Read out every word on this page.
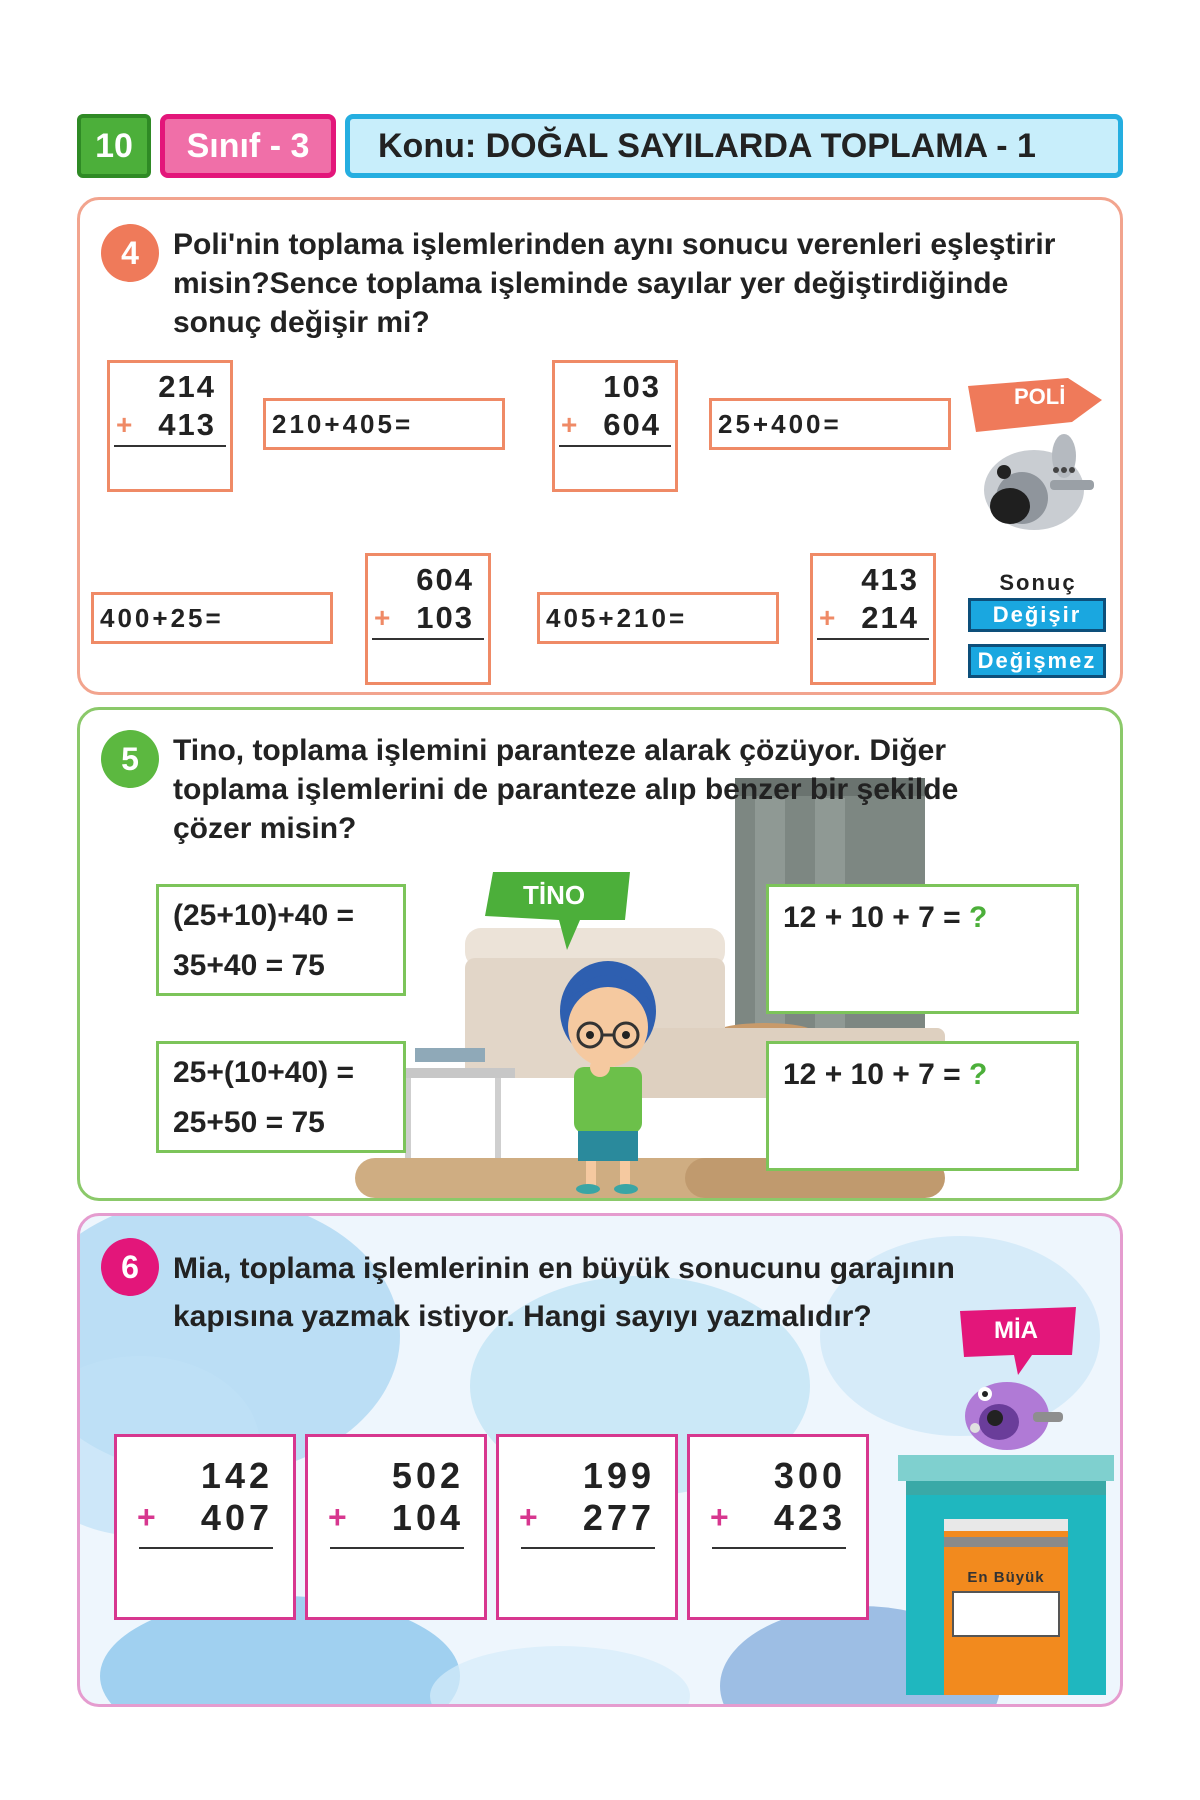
10	Sınıf - 3	Konu: DOĞAL SAYILARDA TOPLAMA - 1
4	Poli'nin toplama işlemlerinden aynı sonucu verenleri eşleştirir
misin?Sence toplama işleminde sayılar yer değiştirdiğinde
sonuç değişir mi?
214
+ 413	210+405=
103
+ 604	25+400=
POLİ
400+25=
604
+ 103	405+210=
413
+ 214
Sonuç
Değişir
Değişmez
5	Tino, toplama işlemini paranteze alarak çözüyor. Diğer
toplama işlemlerini de paranteze alıp benzer bir şekilde
çözer misin?
TİNO
(25+10)+40 =
35+40 = 75
25+(10+40) =
25+50 = 75
12 + 10 + 7 = ?
12 + 10 + 7 = ?
6	Mia, toplama işlemlerinin en büyük sonucunu garajının
kapısına yazmak istiyor. Hangi sayıyı yazmalıdır?	MİA
142
+ 407
502
+ 104
199
+ 277
300
+ 423
En Büyük
